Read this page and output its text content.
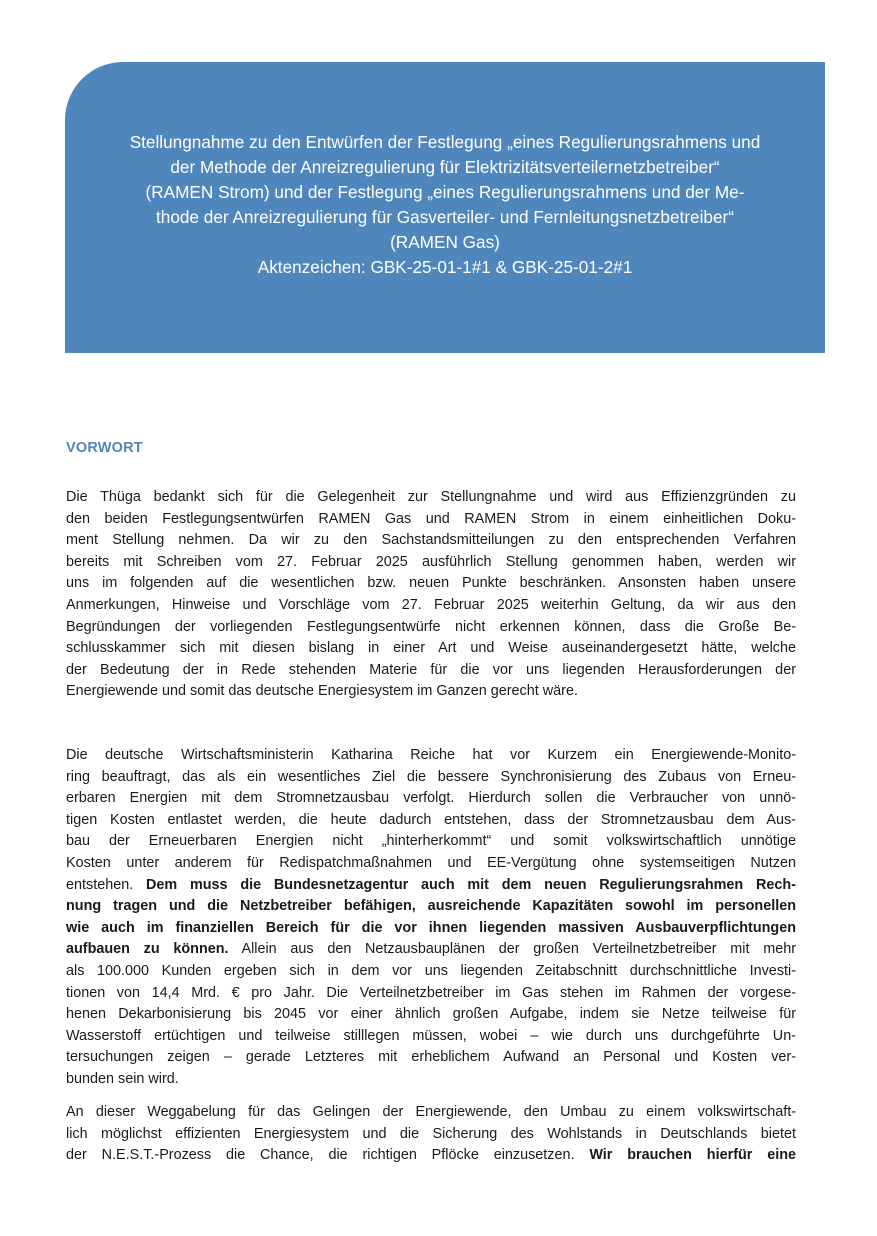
Stellungnahme zu den Entwürfen der Festlegung „eines Regulierungsrahmens und
der Methode der Anreizregulierung für Elektrizitätsverteilernetzbetreiber“
(RAMEN Strom) und der Festlegung „eines Regulierungsrahmens und der Me-
thode der Anreizregulierung für Gasverteiler- und Fernleitungsnetzbetreiber“
(RAMEN Gas)
Aktenzeichen: GBK-25-01-1#1 & GBK-25-01-2#1
VORWORT
Die Thüga bedankt sich für die Gelegenheit zur Stellungnahme und wird aus Effizienzgründen zu
den beiden Festlegungsentwürfen RAMEN Gas und RAMEN Strom in einem einheitlichen Doku-
ment Stellung nehmen. Da wir zu den Sachstandsmitteilungen zu den entsprechenden Verfahren
bereits mit Schreiben vom 27. Februar 2025 ausführlich Stellung genommen haben, werden wir
uns im folgenden auf die wesentlichen bzw. neuen Punkte beschränken. Ansonsten haben unsere
Anmerkungen, Hinweise und Vorschläge vom 27. Februar 2025 weiterhin Geltung, da wir aus den
Begründungen der vorliegenden Festlegungsentwürfe nicht erkennen können, dass die Große Be-
schlusskammer sich mit diesen bislang in einer Art und Weise auseinandergesetzt hätte, welche
der Bedeutung der in Rede stehenden Materie für die vor uns liegenden Herausforderungen der
Energiewende und somit das deutsche Energiesystem im Ganzen gerecht wäre.
Die deutsche Wirtschaftsministerin Katharina Reiche hat vor Kurzem ein Energiewende-Monito-
ring beauftragt, das als ein wesentliches Ziel die bessere Synchronisierung des Zubaus von Erneu-
erbaren Energien mit dem Stromnetzausbau verfolgt. Hierdurch sollen die Verbraucher von unnö-
tigen Kosten entlastet werden, die heute dadurch entstehen, dass der Stromnetzausbau dem Aus-
bau der Erneuerbaren Energien nicht „hinterherkommt“ und somit volkswirtschaftlich unnötige
Kosten unter anderem für Redispatchmaßnahmen und EE-Vergütung ohne systemseitigen Nutzen
entstehen. Dem muss die Bundesnetzagentur auch mit dem neuen Regulierungsrahmen Rech-
nung tragen und die Netzbetreiber befähigen, ausreichende Kapazitäten sowohl im personellen
wie auch im finanziellen Bereich für die vor ihnen liegenden massiven Ausbauverpflichtungen
aufbauen zu können. Allein aus den Netzausbauplänen der großen Verteilnetzbetreiber mit mehr
als 100.000 Kunden ergeben sich in dem vor uns liegenden Zeitabschnitt durchschnittliche Investi-
tionen von 14,4 Mrd. € pro Jahr. Die Verteilnetzbetreiber im Gas stehen im Rahmen der vorgese-
henen Dekarbonisierung bis 2045 vor einer ähnlich großen Aufgabe, indem sie Netze teilweise für
Wasserstoff ertüchtigen und teilweise stilllegen müssen, wobei – wie durch uns durchgeführte Un-
tersuchungen zeigen – gerade Letzteres mit erheblichem Aufwand an Personal und Kosten ver-
bunden sein wird.
An dieser Weggabelung für das Gelingen der Energiewende, den Umbau zu einem volkswirtschaft-
lich möglichst effizienten Energiesystem und die Sicherung des Wohlstands in Deutschlands bietet
der N.E.S.T.-Prozess die Chance, die richtigen Pflöcke einzusetzen. Wir brauchen hierfür eine
